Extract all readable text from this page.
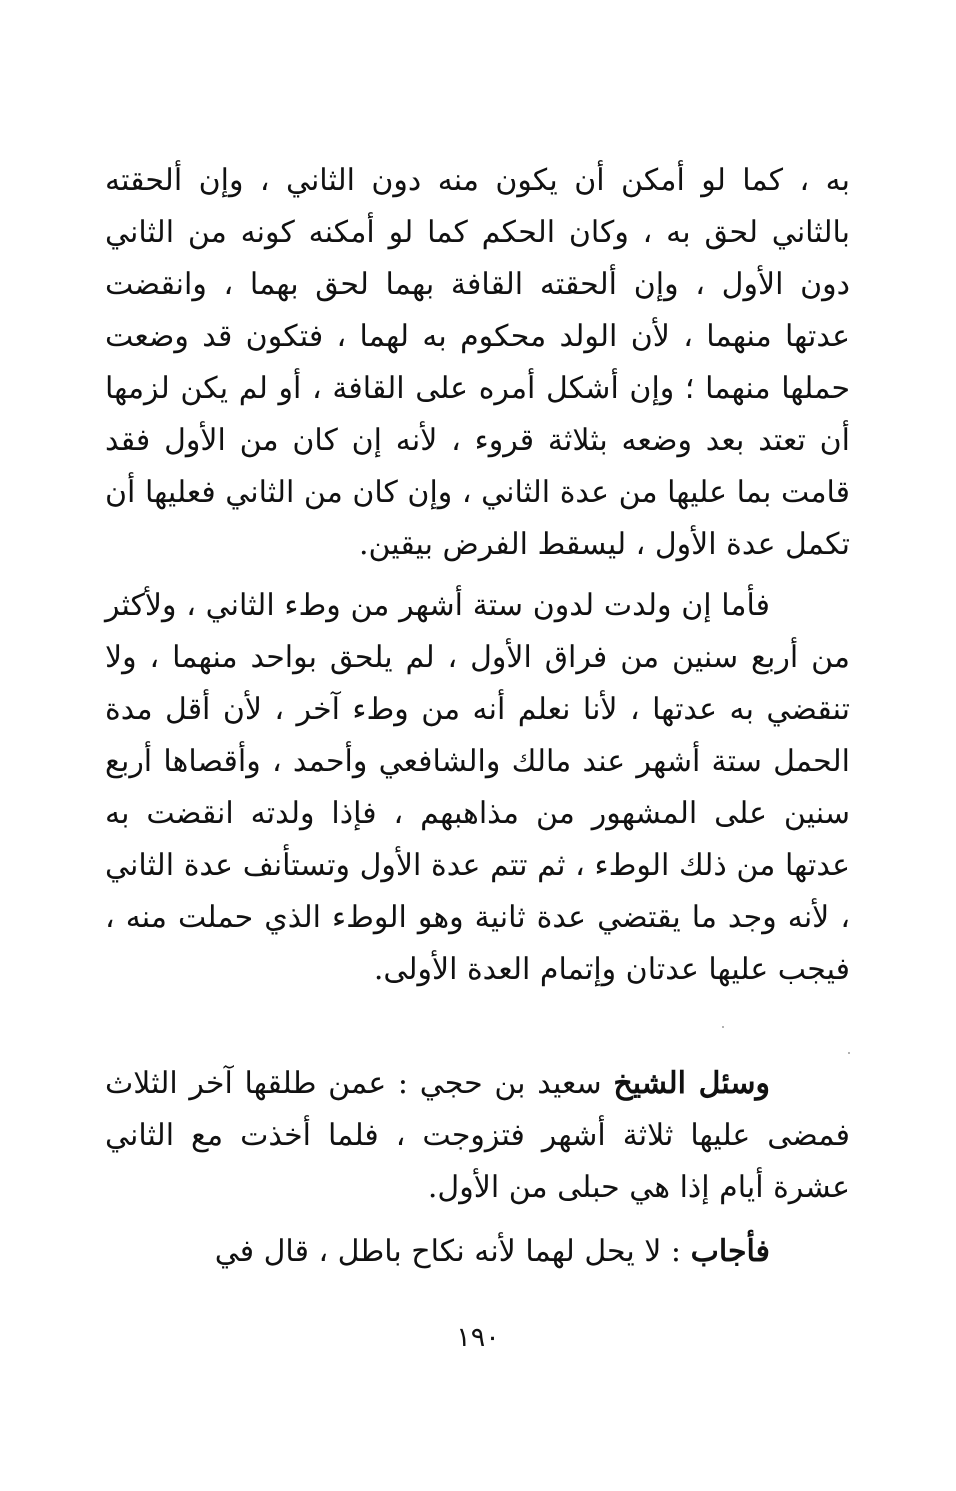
به ، كما لو أمكن أن يكون منه دون الثاني ، وإن ألحقته بالثاني لحق به ، وكان الحكم كما لو أمكنه كونه من الثاني دون الأول ، وإن ألحقته القافة بهما لحق بهما ، وانقضت عدتها منهما ، لأن الولد محكوم به لهما ، فتكون قد وضعت حملها منهما ؛ وإن أشكل أمره على القافة ، أو لم يكن لزمها أن تعتد بعد وضعه بثلاثة قروء ، لأنه إن كان من الأول فقد قامت بما عليها من عدة الثاني ، وإن كان من الثاني فعليها أن تكمل عدة الأول ، ليسقط الفرض بيقين.

فأما إن ولدت لدون ستة أشهر من وطء الثاني ، ولأكثر من أربع سنين من فراق الأول ، لم يلحق بواحد منهما ، ولا تنقضي به عدتها ، لأنا نعلم أنه من وطء آخر ، لأن أقل مدة الحمل ستة أشهر عند مالك والشافعي وأحمد ، وأقصاها أربع سنين على المشهور من مذاهبهم ، فإذا ولدته انقضت به عدتها من ذلك الوطء ، ثم تتم عدة الأول وتستأنف عدة الثاني ، لأنه وجد ما يقتضي عدة ثانية وهو الوطء الذي حملت منه ، فيجب عليها عدتان وإتمام العدة الأولى.

وسئل الشيخ سعيد بن حجي : عمن طلقها آخر الثلاث فمضى عليها ثلاثة أشهر فتزوجت ، فلما أخذت مع الثاني عشرة أيام إذا هي حبلى من الأول.

فأجاب : لا يحل لهما لأنه نكاح باطل ، قال في

١٩٠
